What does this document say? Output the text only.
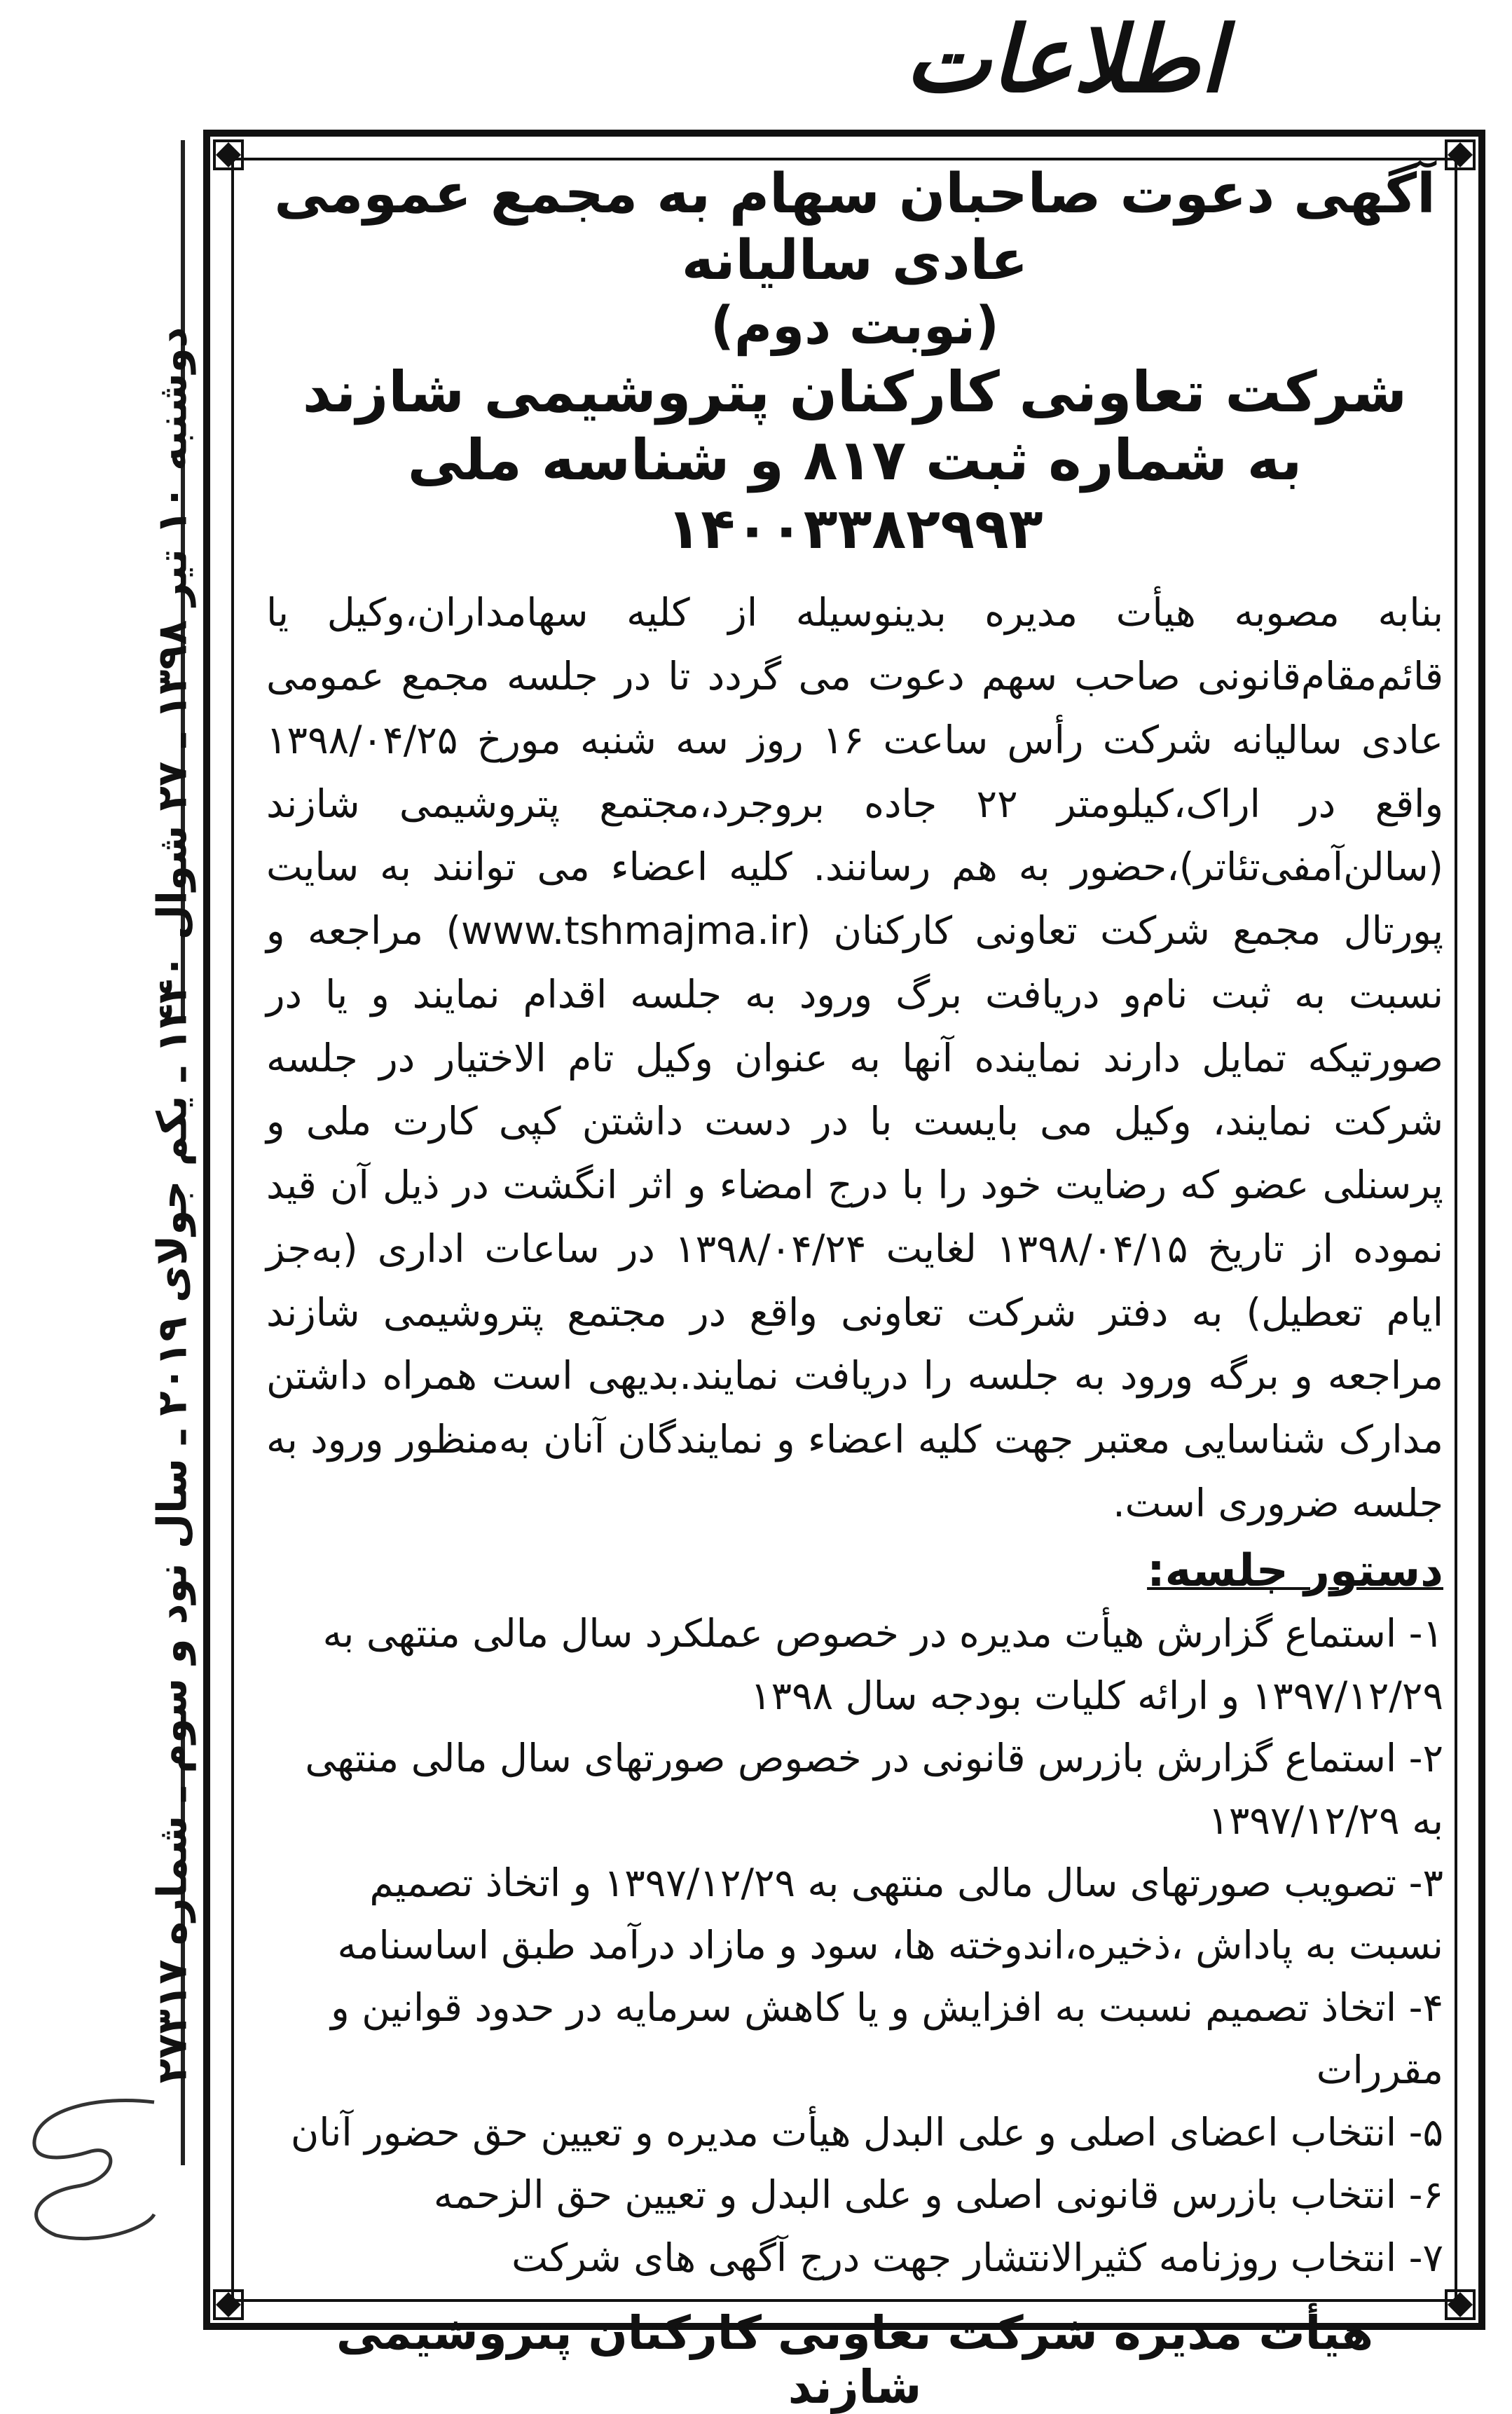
اطلاعات
دوشنبه ۱۰ تیر ۱۳۹۸ ـ ۲۷ شوال ۱۴۴۰ ـ یکم جولای ۲۰۱۹ ـ سال نود و سوم ـ شماره ۲۷۳۱۷

آگهی دعوت صاحبان سهام به مجمع عمومی عادی سالیانه

(نوبت دوم)

شرکت تعاونی کارکنان پتروشیمی شازند

به شماره ثبت ۸۱۷ و شناسه ملی ۱۴۰۰۳۳۸۲۹۹۳

بنابه مصوبه هیأت مدیره بدینوسیله از کلیه سهامداران،وکیل یا قائم‌مقام‌قانونی صاحب سهم دعوت می گردد تا در جلسه مجمع عمومی عادی سالیانه شرکت رأس ساعت ۱۶ روز سه شنبه مورخ ۱۳۹۸/۰۴/۲۵ واقع در اراک،کیلومتر ۲۲ جاده بروجرد،مجتمع پتروشیمی شازند (سالن‌آمفی‌تئاتر)،حضور به هم رسانند. کلیه اعضاء می توانند به سایت پورتال مجمع شرکت تعاونی کارکنان (www.tshmajma.ir) مراجعه و نسبت به ثبت نام‌و دریافت برگ ورود به جلسه اقدام نمایند و یا در صورتیکه تمایل دارند نماینده آنها به عنوان وکیل تام الاختیار در جلسه شرکت نمایند، وکیل می بایست با در دست داشتن کپی کارت ملی و پرسنلی عضو که رضایت خود را با درج امضاء و اثر انگشت در ذیل آن قید نموده از تاریخ ۱۳۹۸/۰۴/۱۵ لغایت ۱۳۹۸/۰۴/۲۴ در ساعات اداری (به‌جز ایام تعطیل) به دفتر شرکت تعاونی واقع در مجتمع پتروشیمی شازند مراجعه و برگه ورود به جلسه را دریافت نمایند.بدیهی است همراه داشتن مدارک شناسایی معتبر جهت کلیه اعضاء و نمایندگان آنان به‌منظور ورود به جلسه ضروری است.
دستور جلسه:
۱- استماع گزارش هیأت مدیره در خصوص عملکرد سال مالی منتهی به ۱۳۹۷/۱۲/۲۹ و ارائه کلیات بودجه سال ۱۳۹۸
۲- استماع گزارش بازرس قانونی در خصوص صورتهای سال مالی منتهی به ۱۳۹۷/۱۲/۲۹
۳- تصویب صورتهای سال مالی منتهی به ۱۳۹۷/۱۲/۲۹ و اتخاذ تصمیم نسبت به پاداش ،ذخیره،اندوخته ها، سود و مازاد درآمد طبق اساسنامه
۴- اتخاذ تصمیم نسبت به افزایش و یا کاهش سرمایه در حدود قوانین و مقررات
۵- انتخاب اعضای اصلی و علی البدل هیأت مدیره و تعیین حق حضور آنان
۶- انتخاب بازرس قانونی اصلی و علی البدل و تعیین حق الزحمه
۷- انتخاب روزنامه کثیرالانتشار جهت درج آگهی های شرکت
هیأت مدیره شرکت تعاونی کارکنان پتروشیمی شازند
